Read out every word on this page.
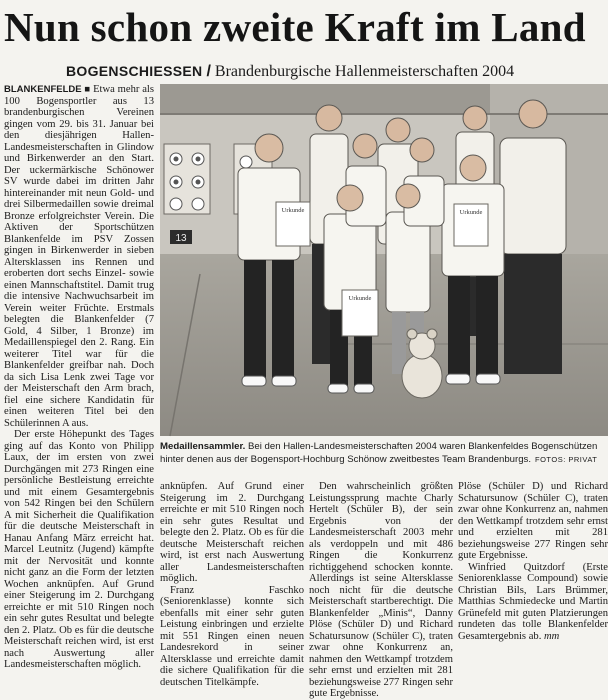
Nun schon zweite Kraft im Land
BOGENSCHIESSEN / Brandenburgische Hallenmeisterschaften 2004

BLANKENFELDE ■ Etwa mehr als 100 Bogensportler aus 13 brandenburgischen Vereinen gingen vom 29. bis 31. Januar bei den diesjährigen Hallen-Landesmeisterschaften in Glindow und Birkenwerder an den Start. Der uckermärkische Schönower SV wurde dabei im dritten Jahr hintereinander mit neun Gold- und drei Silbermedaillen sowie dreimal Bronze erfolgreichster Verein. Die Aktiven der Sportschützen Blankenfelde im PSV Zossen gingen in Birkenwerder in sieben Altersklassen ins Rennen und eroberten dort sechs Einzel- sowie einen Mannschaftstitel. Damit trug die intensive Nachwuchsarbeit im Verein weiter Früchte. Erstmals belegten die Blankenfelder (7 Gold, 4 Silber, 1 Bronze) im Medaillenspiegel den 2. Rang. Ein weiterer Titel war für die Blankenfelder greifbar nah. Doch da sich Lisa Lenk zwei Tage vor der Meisterschaft den Arm brach, fiel eine sichere Kandidatin für einen weiteren Titel bei den Schülerinnen A aus.

Der erste Höhepunkt des Tages ging auf das Konto von Philipp Laux, der im ersten von zwei Durchgängen mit 273 Ringen eine persönliche Bestleistung erreichte und mit einem Gesamtergebnis von 542 Ringen bei den Schülern A mit Sicherheit die Qualifikation für die deutsche Meisterschaft in Hanau Anfang März erreicht hat. Marcel Leutnitz (Jugend) kämpfte mit der Nervosität und konnte nicht ganz an die Form der letzten Wochen anknüpfen. Auf Grund einer Steigerung im 2. Durchgang erreichte er mit 510 Ringen noch ein sehr gutes Resultat und belegte den 2. Platz. Ob es für die deutsche Meisterschaft reichen wird, ist erst nach Auswertung aller Landesmeisterschaften möglich.

13
Urkunde
Urkunde
Urkunde
Medaillensammler. Bei den Hallen-Landesmeisterschaften 2004 waren Blankenfeldes Bogenschützen hinter denen aus der Bogensport-Hochburg Schönow zweitbestes Team Brandenburgs. FOTOS: PRIVAT

anknüpfen. Auf Grund einer Steigerung im 2. Durchgang erreichte er mit 510 Ringen noch ein sehr gutes Resultat und belegte den 2. Platz. Ob es für die deutsche Meisterschaft reichen wird, ist erst nach Auswertung aller Landesmeisterschaften möglich.

Franz Faschko (Seniorenklasse) konnte sich ebenfalls mit einer sehr guten Leistung einbringen und erzielte mit 551 Ringen einen neuen Landesrekord in seiner Altersklasse und erreichte damit die sichere Qualifikation für die deutschen Titelkämpfe.

Den wahrscheinlich größten Leistungssprung machte Charly Hertelt (Schüler B), der sein Ergebnis von der Landesmeisterschaft 2003 mehr als verdoppeln und mit 486 Ringen die Konkurrenz richtiggehend schocken konnte. Allerdings ist seine Altersklasse noch nicht für die deutsche Meisterschaft startberechtigt. Die Blankenfelder „Minis“, Danny Plöse (Schüler D) und Richard Schatursunow (Schüler C), traten zwar ohne Konkurrenz an, nahmen den Wettkampf trotzdem sehr ernst und erzielten mit 281 beziehungsweise 277 Ringen sehr gute Ergebnisse.

Plöse (Schüler D) und Richard Schatursunow (Schüler C), traten zwar ohne Konkurrenz an, nahmen den Wettkampf trotzdem sehr ernst und erzielten mit 281 beziehungsweise 277 Ringen sehr gute Ergebnisse.

Winfried Quitzdorf (Erste Seniorenklasse Compound) sowie Christian Bils, Lars Brümmer, Matthias Schmiedecke und Martin Grünefeld mit guten Platzierungen rundeten das tolle Blankenfelder Gesamtergebnis ab. mm
